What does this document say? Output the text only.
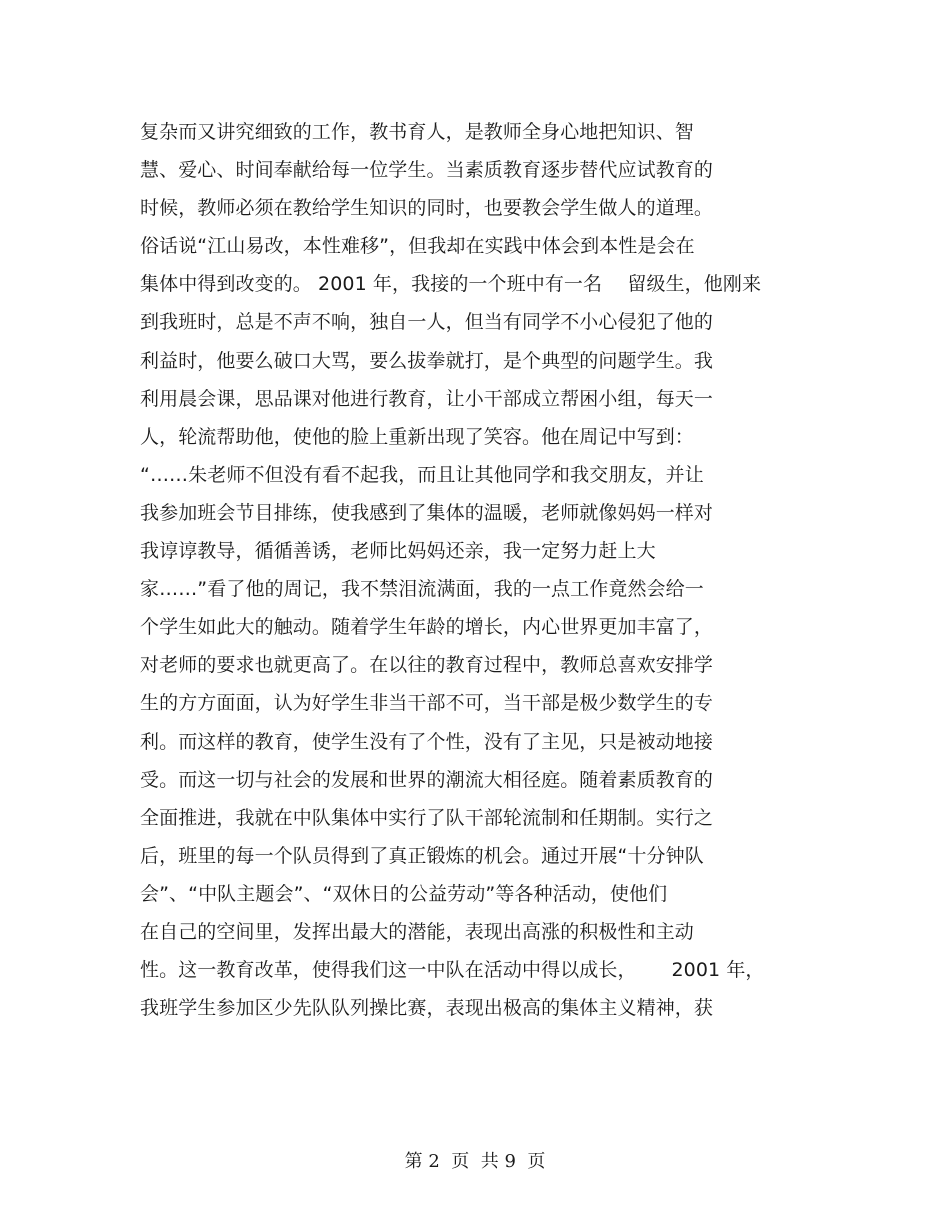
复杂而又讲究细致的工作，教书育人，是教师全身心地把知识、智
慧、爱心、时间奉献给每一位学生。当素质教育逐步替代应试教育的
时候，教师必须在教给学生知识的同时，也要教会学生做人的道理。
俗话说“江山易改，本性难移”，但我却在实践中体会到本性是会在
集体中得到改变的。 2001 年，我接的一个班中有一名　 留级生，他刚来
到我班时，总是不声不响，独自一人，但当有同学不小心侵犯了他的
利益时，他要么破口大骂，要么拔拳就打，是个典型的问题学生。我
利用晨会课，思品课对他进行教育，让小干部成立帮困小组，每天一
人，轮流帮助他，使他的脸上重新出现了笑容。他在周记中写到：
“……朱老师不但没有看不起我，而且让其他同学和我交朋友，并让
我参加班会节目排练，使我感到了集体的温暖，老师就像妈妈一样对
我谆谆教导，循循善诱，老师比妈妈还亲，我一定努力赶上大
家……”看了他的周记，我不禁泪流满面，我的一点工作竟然会给一
个学生如此大的触动。随着学生年龄的增长，内心世界更加丰富了，
对老师的要求也就更高了。在以往的教育过程中，教师总喜欢安排学
生的方方面面，认为好学生非当干部不可，当干部是极少数学生的专
利。而这样的教育，使学生没有了个性，没有了主见，只是被动地接
受。而这一切与社会的发展和世界的潮流大相径庭。随着素质教育的
全面推进，我就在中队集体中实行了队干部轮流制和任期制。实行之
后，班里的每一个队员得到了真正锻炼的机会。通过开展“十分钟队
会”、“中队主题会”、“双休日的公益劳动”等各种活动，使他们
在自己的空间里，发挥出最大的潜能，表现出高涨的积极性和主动
性。这一教育改革，使得我们这一中队在活动中得以成长，　　 2001 年，
我班学生参加区少先队队列操比赛，表现出极高的集体主义精神，获
第 2  页  共 9  页
